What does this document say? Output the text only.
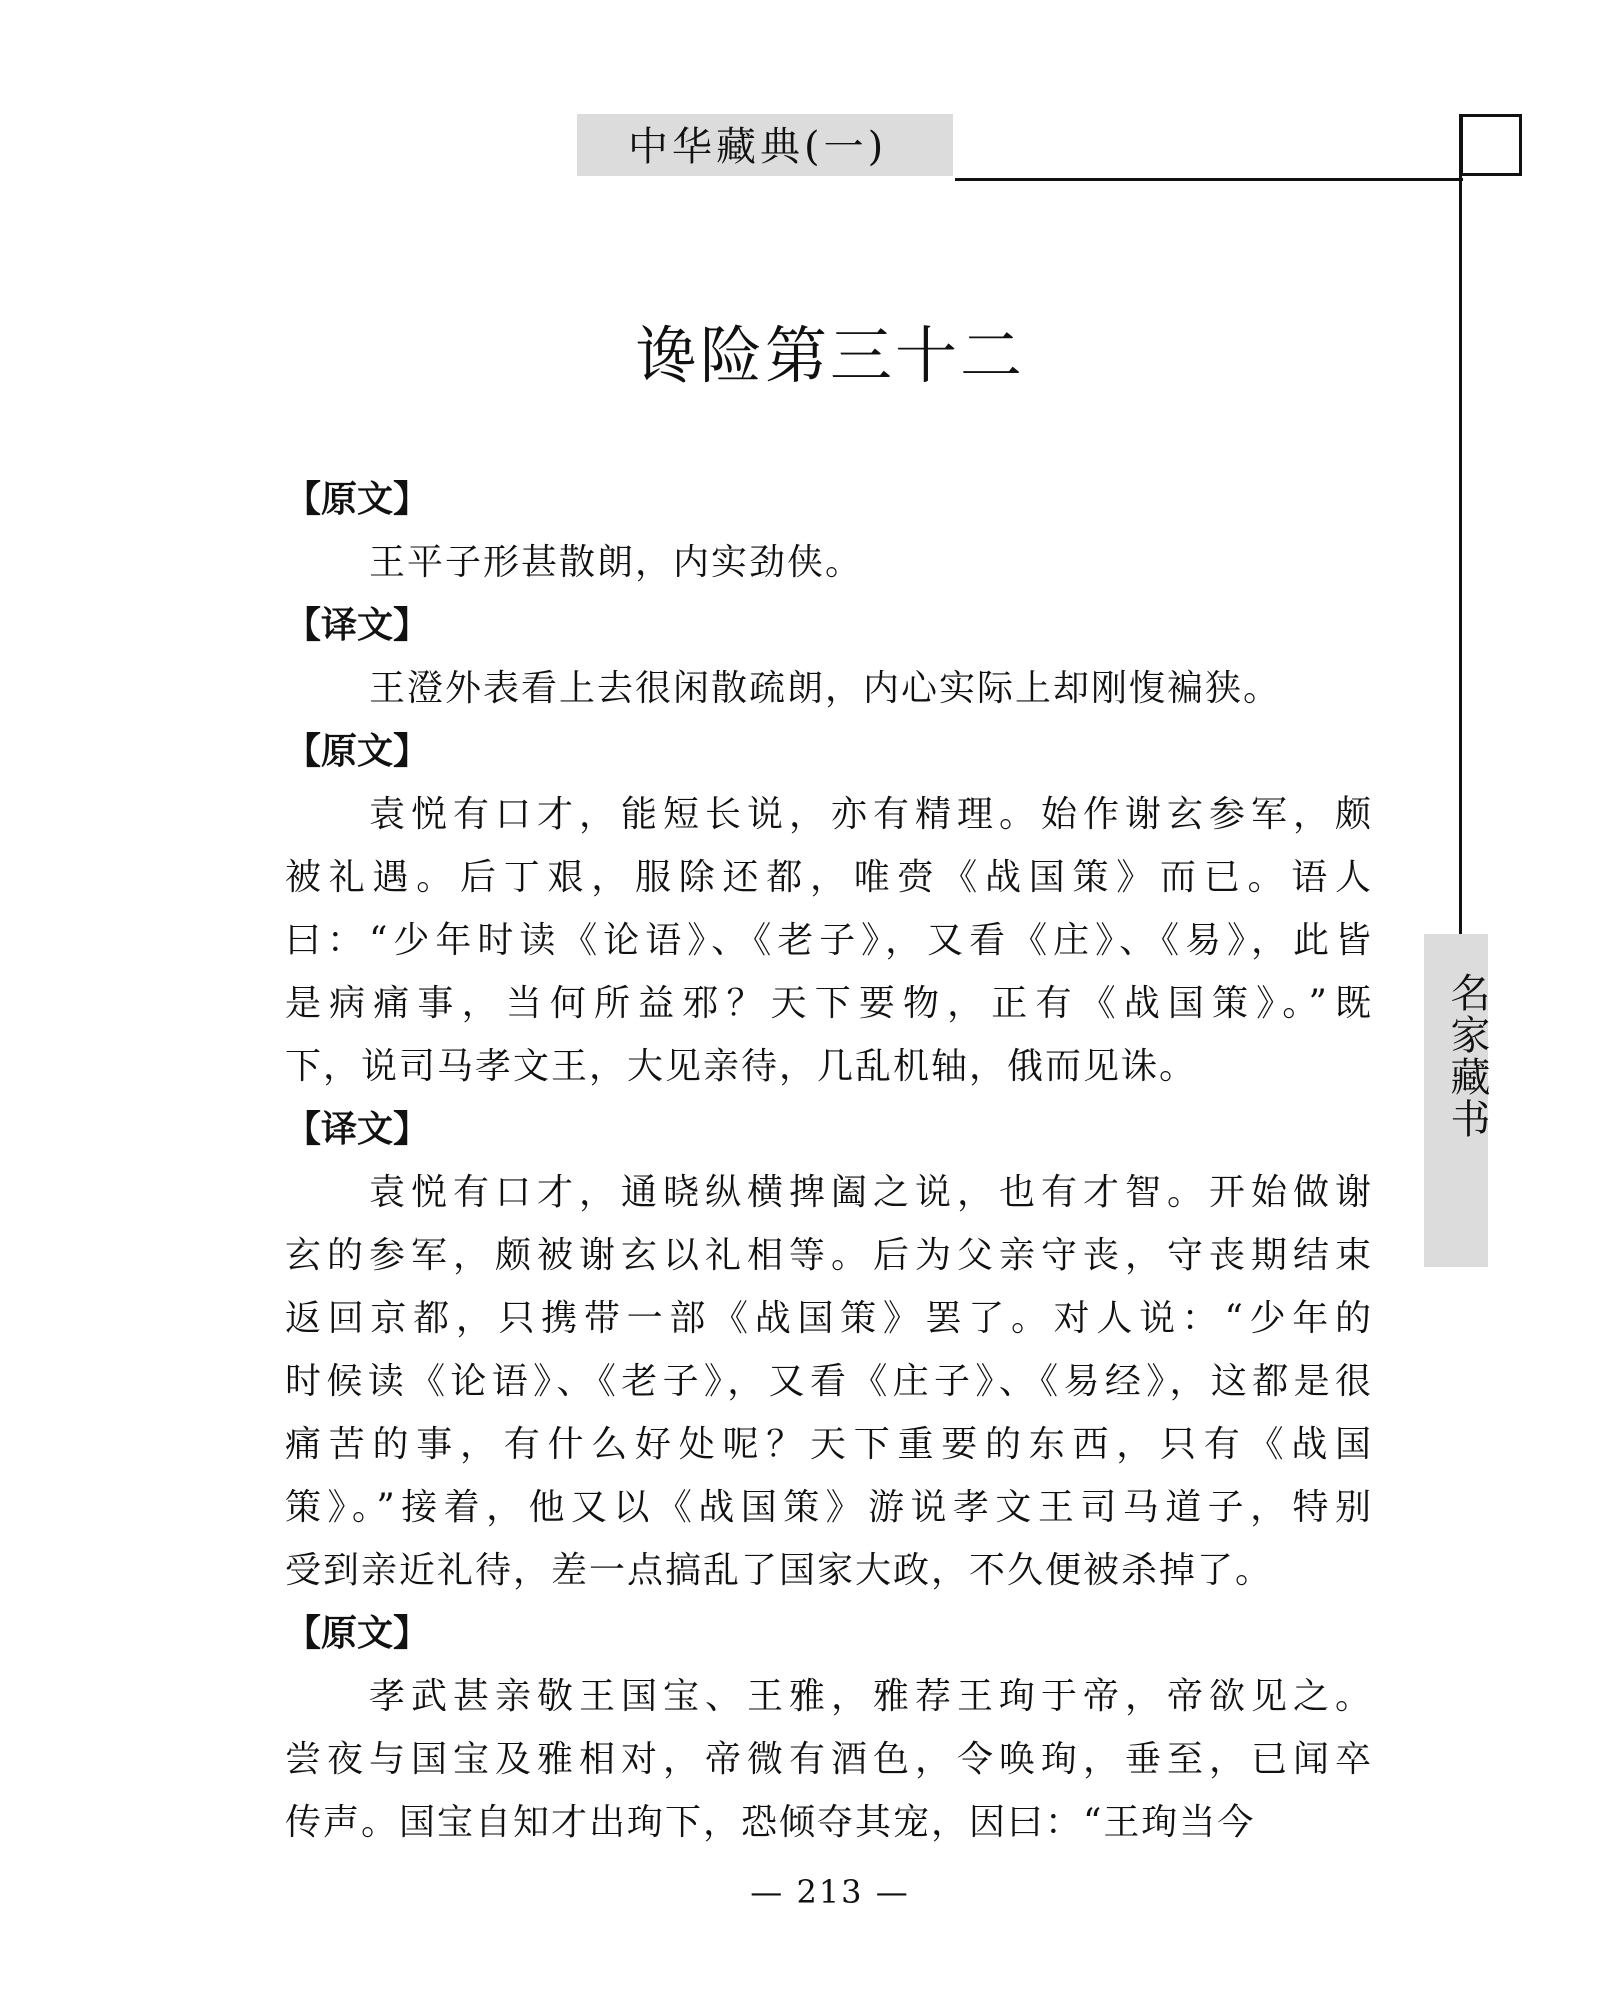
中华藏典(一)
名家藏书
谗险第三十二
【原文】
王平子形甚散朗，内实劲侠。
【译文】
王澄外表看上去很闲散疏朗，内心实际上却刚愎褊狭。
【原文】
袁悦有口才，能短长说，亦有精理。始作谢玄参军，颇
被礼遇。后丁艰，服除还都，唯赍《战国策》而已。语人
曰：“少年时读《论语》、《老子》，又看《庄》、《易》，此皆
是病痛事，当何所益邪？天下要物，正有《战国策》。”既
下，说司马孝文王，大见亲待，几乱机轴，俄而见诛。
【译文】
袁悦有口才，通晓纵横捭阖之说，也有才智。开始做谢
玄的参军，颇被谢玄以礼相等。后为父亲守丧，守丧期结束
返回京都，只携带一部《战国策》罢了。对人说：“少年的
时候读《论语》、《老子》，又看《庄子》、《易经》，这都是很
痛苦的事，有什么好处呢？天下重要的东西，只有《战国
策》。”接着，他又以《战国策》游说孝文王司马道子，特别
受到亲近礼待，差一点搞乱了国家大政，不久便被杀掉了。
【原文】
孝武甚亲敬王国宝、王雅，雅荐王珣于帝，帝欲见之。
尝夜与国宝及雅相对，帝微有酒色，令唤珣，垂至，已闻卒
传声。国宝自知才出珣下，恐倾夺其宠，因曰：“王珣当今
— 213 —
